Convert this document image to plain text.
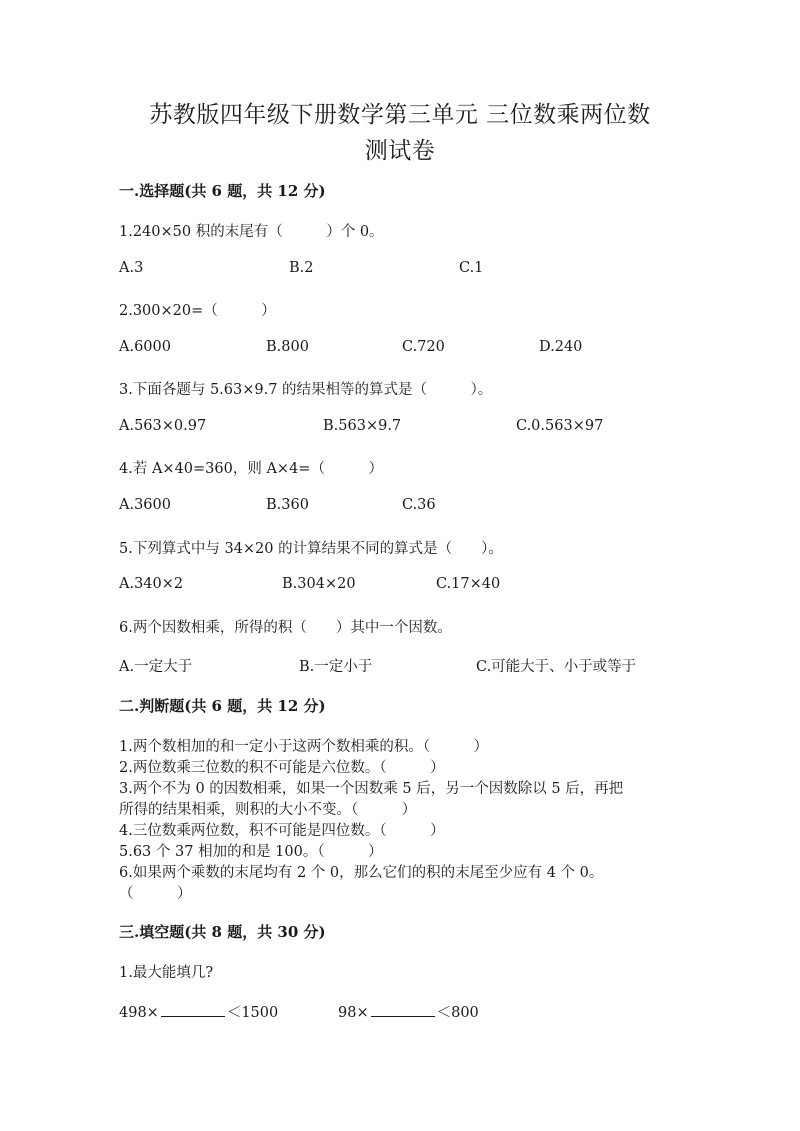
苏教版四年级下册数学第三单元 三位数乘两位数
测试卷
一.选择题(共 6 题，共 12 分)
1.240×50 积的末尾有（　　　）个 0。
A.3	B.2	C.1
2.300×20=（　　　）
A.6000	B.800	C.720	D.240
3.下面各题与 5.63×9.7 的结果相等的算式是（　　　）。
A.563×0.97	B.563×9.7	C.0.563×97
4.若 A×40=360，则 A×4=（　　　）
A.3600	B.360	C.36
5.下列算式中与 34×20 的计算结果不同的算式是（　　）。
A.340×2	B.304×20	C.17×40
6.两个因数相乘，所得的积（　　）其中一个因数。
A.一定大于	B.一定小于	C.可能大于、小于或等于
二.判断题(共 6 题，共 12 分)
1.两个数相加的和一定小于这两个数相乘的积。（　　　）
2.两位数乘三位数的积不可能是六位数。（　　　）
3.两个不为 0 的因数相乘，如果一个因数乘 5 后，另一个因数除以 5 后，再把
所得的结果相乘，则积的大小不变。（　　　）
4.三位数乘两位数，积不可能是四位数。（　　　）
5.63 个 37 相加的和是 100。（　　　）
6.如果两个乘数的末尾均有 2 个 0，那么它们的积的末尾至少应有 4 个 0。
（　　　）
三.填空题(共 8 题，共 30 分)
1.最大能填几?
498×	＜1500	98×	＜800
